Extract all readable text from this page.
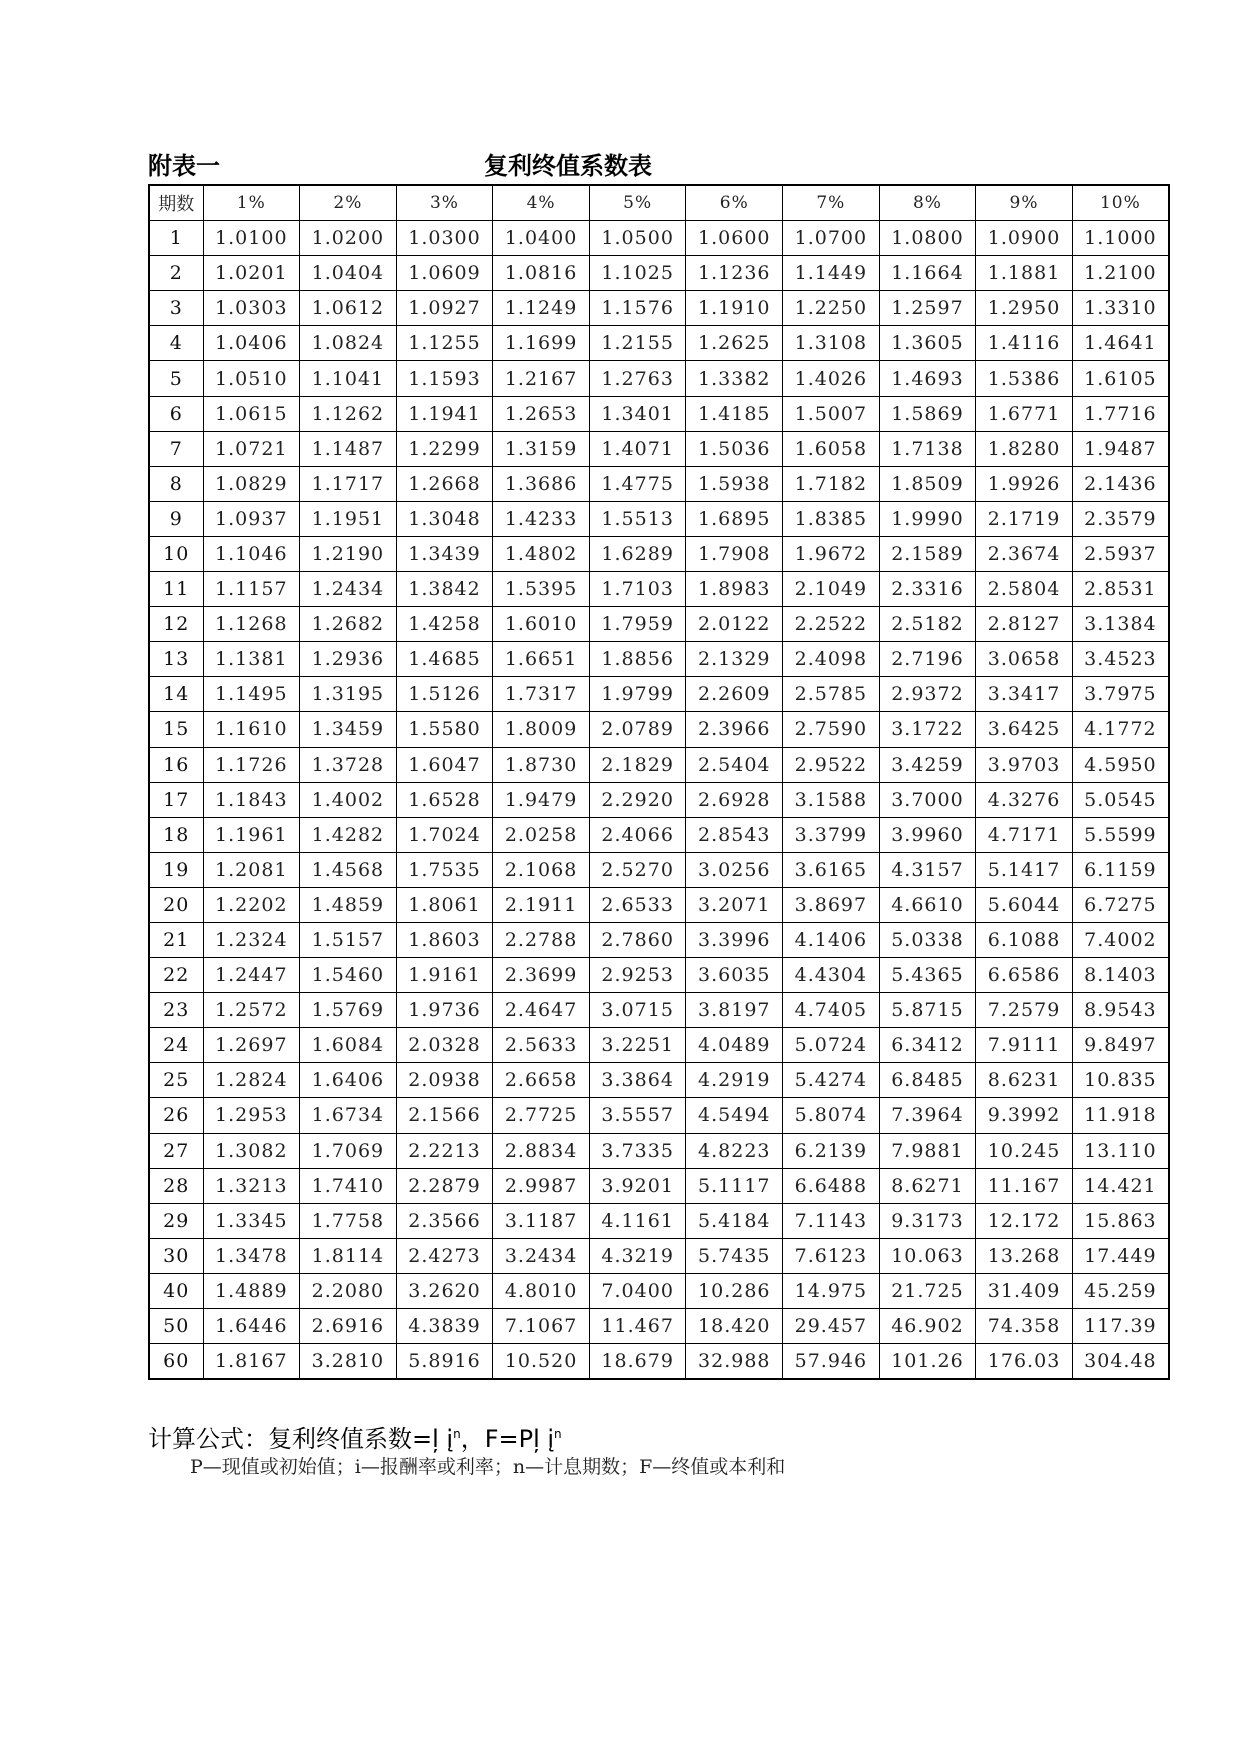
附表一	复利终值系数表
期数	1%	2%	3%	4%	5%	6%	7%	8%	9%	10%
1	1.0100	1.0200	1.0300	1.0400	1.0500	1.0600	1.0700	1.0800	1.0900	1.1000
2	1.0201	1.0404	1.0609	1.0816	1.1025	1.1236	1.1449	1.1664	1.1881	1.2100
3	1.0303	1.0612	1.0927	1.1249	1.1576	1.1910	1.2250	1.2597	1.2950	1.3310
4	1.0406	1.0824	1.1255	1.1699	1.2155	1.2625	1.3108	1.3605	1.4116	1.4641
5	1.0510	1.1041	1.1593	1.2167	1.2763	1.3382	1.4026	1.4693	1.5386	1.6105
6	1.0615	1.1262	1.1941	1.2653	1.3401	1.4185	1.5007	1.5869	1.6771	1.7716
7	1.0721	1.1487	1.2299	1.3159	1.4071	1.5036	1.6058	1.7138	1.8280	1.9487
8	1.0829	1.1717	1.2668	1.3686	1.4775	1.5938	1.7182	1.8509	1.9926	2.1436
9	1.0937	1.1951	1.3048	1.4233	1.5513	1.6895	1.8385	1.9990	2.1719	2.3579
10	1.1046	1.2190	1.3439	1.4802	1.6289	1.7908	1.9672	2.1589	2.3674	2.5937
11	1.1157	1.2434	1.3842	1.5395	1.7103	1.8983	2.1049	2.3316	2.5804	2.8531
12	1.1268	1.2682	1.4258	1.6010	1.7959	2.0122	2.2522	2.5182	2.8127	3.1384
13	1.1381	1.2936	1.4685	1.6651	1.8856	2.1329	2.4098	2.7196	3.0658	3.4523
14	1.1495	1.3195	1.5126	1.7317	1.9799	2.2609	2.5785	2.9372	3.3417	3.7975
15	1.1610	1.3459	1.5580	1.8009	2.0789	2.3966	2.7590	3.1722	3.6425	4.1772
16	1.1726	1.3728	1.6047	1.8730	2.1829	2.5404	2.9522	3.4259	3.9703	4.5950
17	1.1843	1.4002	1.6528	1.9479	2.2920	2.6928	3.1588	3.7000	4.3276	5.0545
18	1.1961	1.4282	1.7024	2.0258	2.4066	2.8543	3.3799	3.9960	4.7171	5.5599
19	1.2081	1.4568	1.7535	2.1068	2.5270	3.0256	3.6165	4.3157	5.1417	6.1159
20	1.2202	1.4859	1.8061	2.1911	2.6533	3.2071	3.8697	4.6610	5.6044	6.7275
21	1.2324	1.5157	1.8603	2.2788	2.7860	3.3996	4.1406	5.0338	6.1088	7.4002
22	1.2447	1.5460	1.9161	2.3699	2.9253	3.6035	4.4304	5.4365	6.6586	8.1403
23	1.2572	1.5769	1.9736	2.4647	3.0715	3.8197	4.7405	5.8715	7.2579	8.9543
24	1.2697	1.6084	2.0328	2.5633	3.2251	4.0489	5.0724	6.3412	7.9111	9.8497
25	1.2824	1.6406	2.0938	2.6658	3.3864	4.2919	5.4274	6.8485	8.6231	10.835
26	1.2953	1.6734	2.1566	2.7725	3.5557	4.5494	5.8074	7.3964	9.3992	11.918
27	1.3082	1.7069	2.2213	2.8834	3.7335	4.8223	6.2139	7.9881	10.245	13.110
28	1.3213	1.7410	2.2879	2.9987	3.9201	5.1117	6.6488	8.6271	11.167	14.421
29	1.3345	1.7758	2.3566	3.1187	4.1161	5.4184	7.1143	9.3173	12.172	15.863
30	1.3478	1.8114	2.4273	3.2434	4.3219	5.7435	7.6123	10.063	13.268	17.449
40	1.4889	2.2080	3.2620	4.8010	7.0400	10.286	14.975	21.725	31.409	45.259
50	1.6446	2.6916	4.3839	7.1067	11.467	18.420	29.457	46.902	74.358	117.39
60	1.8167	3.2810	5.8916	10.520	18.679	32.988	57.946	101.26	176.03	304.48
计算公式：复利终值系数=ļ $į^n$，F=Pļ $į^n$
P—现值或初始值；i—报酬率或利率；n—计息期数；F—终值或本利和
